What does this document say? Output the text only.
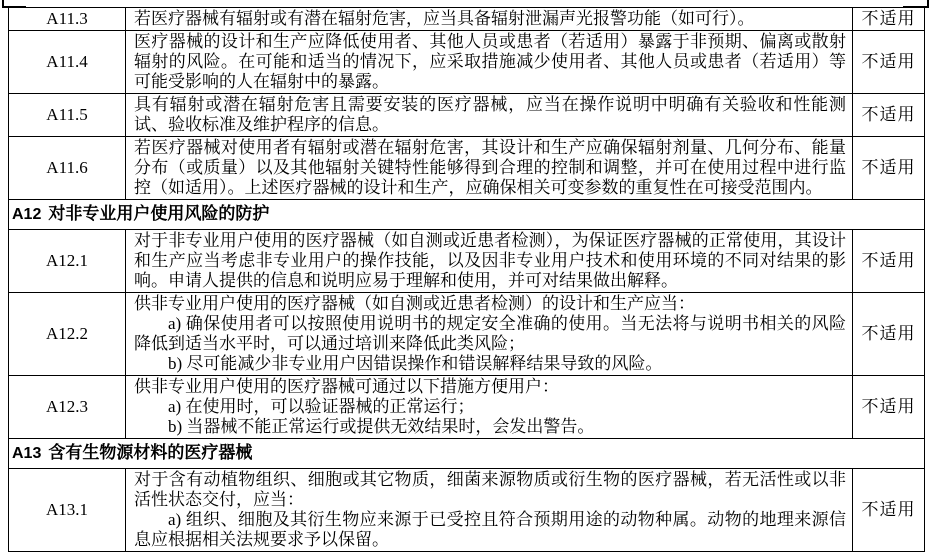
A11.3	若医疗器械有辐射或有潜在辐射危害，应当具备辐射泄漏声光报警功能（如可行）。	不适用
A11.4	医疗器械的设计和生产应降低使用者、其他人员或患者（若适用）暴露于非预期、偏离或散射辐射的风险。在可能和适当的情况下，应采取措施减少使用者、其他人员或患者（若适用）等可能受影响的人在辐射中的暴露。	不适用
A11.5	具有辐射或潜在辐射危害且需要安装的医疗器械，应当在操作说明中明确有关验收和性能测试、验收标准及维护程序的信息。	不适用
A11.6	若医疗器械对使用者有辐射或潜在辐射危害，其设计和生产应确保辐射剂量、几何分布、能量分布（或质量）以及其他辐射关键特性能够得到合理的控制和调整，并可在使用过程中进行监控（如适用）。上述医疗器械的设计和生产，应确保相关可变参数的重复性在可接受范围内。	不适用
A12 对非专业用户使用风险的防护		
A12.1	对于非专业用户使用的医疗器械（如自测或近患者检测），为保证医疗器械的正常使用，其设计和生产应当考虑非专业用户的操作技能，以及因非专业用户技术和使用环境的不同对结果的影响。申请人提供的信息和说明应易于理解和使用，并可对结果做出解释。	不适用
A12.2	供非专业用户使用的医疗器械（如自测或近患者检测）的设计和生产应当：

a) 确保使用者可以按照使用说明书的规定安全准确的使用。当无法将与说明书相关的风险降低到适当水平时，可以通过培训来降低此类风险；

b) 尽可能减少非专业用户因错误操作和错误解释结果导致的风险。	不适用
A12.3	供非专业用户使用的医疗器械可通过以下措施方便用户：

a) 在使用时，可以验证器械的正常运行；

b) 当器械不能正常运行或提供无效结果时，会发出警告。	不适用
A13 含有生物源材料的医疗器械		
A13.1	对于含有动植物组织、细胞或其它物质，细菌来源物质或衍生物的医疗器械，若无活性或以非活性状态交付，应当：

a) 组织、细胞及其衍生物应来源于已受控且符合预期用途的动物种属。动物的地理来源信息应根据相关法规要求予以保留。	不适用
